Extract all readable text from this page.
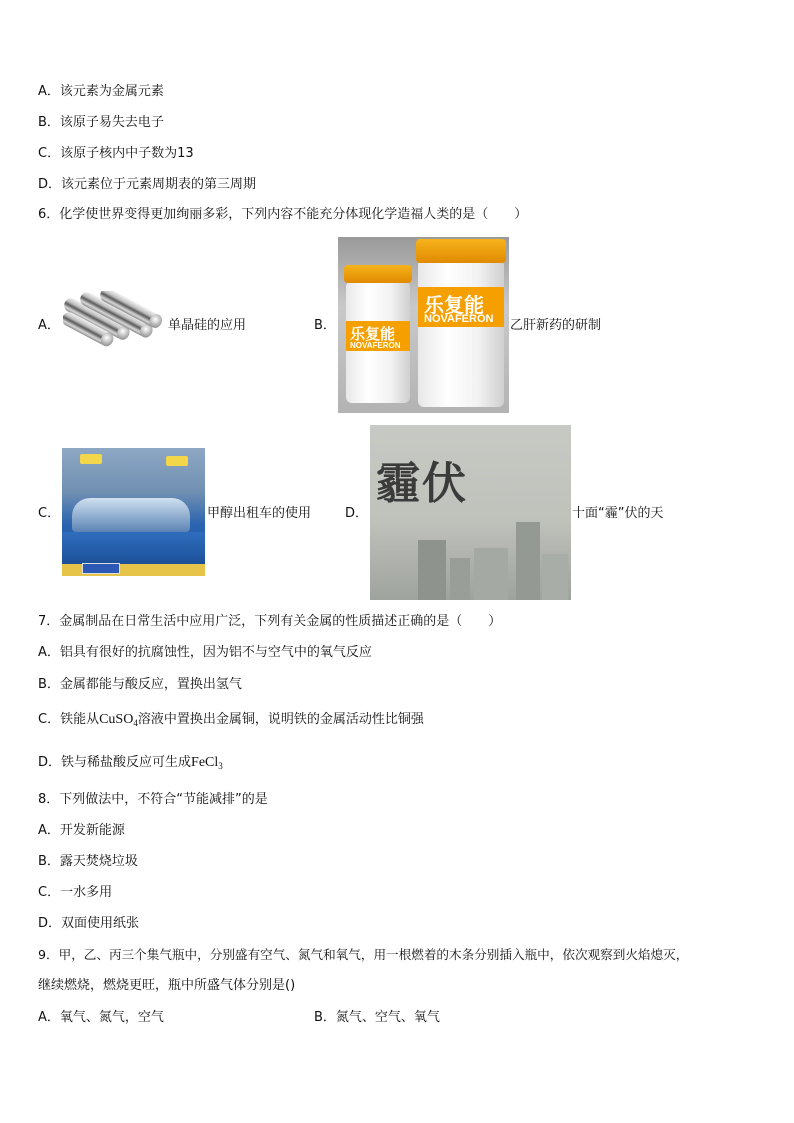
A．该元素为金属元素
B．该原子易失去电子
C．该原子核内中子数为13
D．该元素位于元素周期表的第三周期
6．化学使世界变得更加绚丽多彩，下列内容不能充分体现化学造福人类的是（　　）
A．	单晶硅的应用	B． 乐复能
NOVAFERON
乐复能
NOVAFERON 乙肝新药的研制
C．	甲醇出租车的使用	D．
霾伏
十面“霾”伏的天
7．金属制品在日常生活中应用广泛，下列有关金属的性质描述正确的是（　　）
A．铝具有很好的抗腐蚀性，因为铝不与空气中的氧气反应
B．金属都能与酸反应，置换出氢气
C．铁能从CuSO$_4$溶液中置换出金属铜，说明铁的金属活动性比铜强
D．铁与稀盐酸反应可生成FeCl$_3$
8．下列做法中，不符合“节能减排”的是
A．开发新能源
B．露天焚烧垃圾
C．一水多用
D．双面使用纸张
9．甲，乙、丙三个集气瓶中，分别盛有空气、氮气和氧气，用一根燃着的木条分别插入瓶中，依次观察到火焰熄灭，
继续燃烧，燃烧更旺，瓶中所盛气体分别是()
A．氧气、氮气，空气	B．氮气、空气、氧气
